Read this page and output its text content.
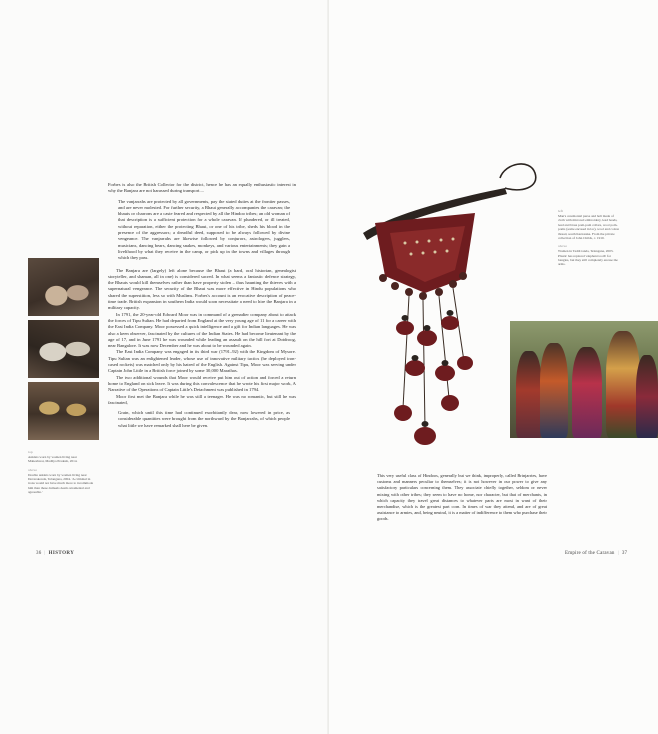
top
Anklets worn by women living near Maheshwar, Madhya Pradesh, 2014.
above
Double anklets worn by women living near Devarakonda, Telangana, 2004. 'A criminal in irons would not have much more to incommode him than these damsels deem ornamental and agreeable.'

Forbes is also the British Collector for the district, hence he has an equally enthusiastic interest in why the Banjara are not harassed during transport....

The vanjarrahs are protected by all governments, pay the stated duties at the frontier passes, and are never molested. For further security, a Bhaut generally accompanies the caravan; the bhauts or charrons are a caste feared and respected by all the Hindoo tribes; an old woman of that description is a sufficient protection for a whole caravan. If plundered, or ill treated, without reparation, either the protecting Bhaut, or one of his tribe, sheds his blood in the presence of the aggressors; a dreadful deed, supposed to be always followed by divine vengeance. The vanjarrahs are likewise followed by conjurors, astrologers, jugglers, musicians, dancing bears, dancing snakes, monkeys, and various entertainments; they gain a livelihood by what they receive in the camp, or pick up in the towns and villages through which they pass.

The Banjara are (largely) left alone because the Bhaut (a bard, oral historian, genealogist storyteller, and shaman, all in one) is considered sacred. In what seems a fantastic defence strategy, the Bhauts would kill themselves rather than have property stolen – thus haunting the thieves with a supernatural vengeance. The security of the Bhaut was more effective in Hindu populations who shared the superstition, less so with Muslims. Forbes's account is an evocative description of peace-time trade. British expansion in southern India would soon necessitate a need to hire the Banjara in a military capacity.

In 1791, the 20-year-old Edward Moor was in command of a grenadier company about to attack the forces of Tipu Sultan. He had departed from England at the very young age of 11 for a career with the East India Company. Moor possessed a quick intelligence and a gift for Indian languages. He was also a keen observer, fascinated by the cultures of the Indian States. He had become lieutenant by the age of 17, and in June 1791 he was wounded while leading an assault on the hill fort at Dotdroog, near Bangalore. It was now December and he was about to be wounded again.

The East India Company was engaged in its third war (1791–92) with the Kingdom of Mysore. Tipu Sultan was an enlightened leader, whose use of innovative military tactics (he deployed iron-cased rockets) was matched only by his hatred of the English. Against Tipu, Moor was serving under Captain John Little in a British force joined by some 30,000 Marathas.

The two additional wounds that Moor would receive put him out of action and forced a return home to England on sick leave. It was during this convalescence that he wrote his first major work, A Narrative of the Operations of Captain Little's Detachment was published in 1794.

Moor first met the Banjara while he was still a teenager. He was no romantic, but still he was fascinated,

Grain, which until this time had continued exorbitantly dear, now lowered in price, as considerable quantities were brought from the northward by the Banjarrahs, of which people what little we have remarked shall here be given.

36 | HISTORY
left
Man's ceremonial purse and belt made of cloth with mirrored embroidery, lead beads, lead and brass pom-pom collars, wool pom-poms (some encased in lac), wool and cotton thread, south Karnataka. From the private collection of John Childs, c. 1910.
above
Women in Taddi tanda, Telangana, 2003. Plastic has replaced 'elephant tooth' for bangles, but they still completely encase the arms.

This very useful class of Hindoos, generally but we think, improperly, called Brinjarries, have customs and manners peculiar to themselves; it is not however in our power to give any satisfactory particulars concerning them. They associate chiefly together, seldom or never mixing with other tribes; they seem to have no home, nor character, but that of merchants, in which capacity they travel great distances to whatever parts are most in want of their merchandise, which is the greatest part corn. In times of war they attend, and are of great assistance to armies, and, being neutral, it is a matter of indifference to them who purchase their goods.

Empire of the Caravan | 37
